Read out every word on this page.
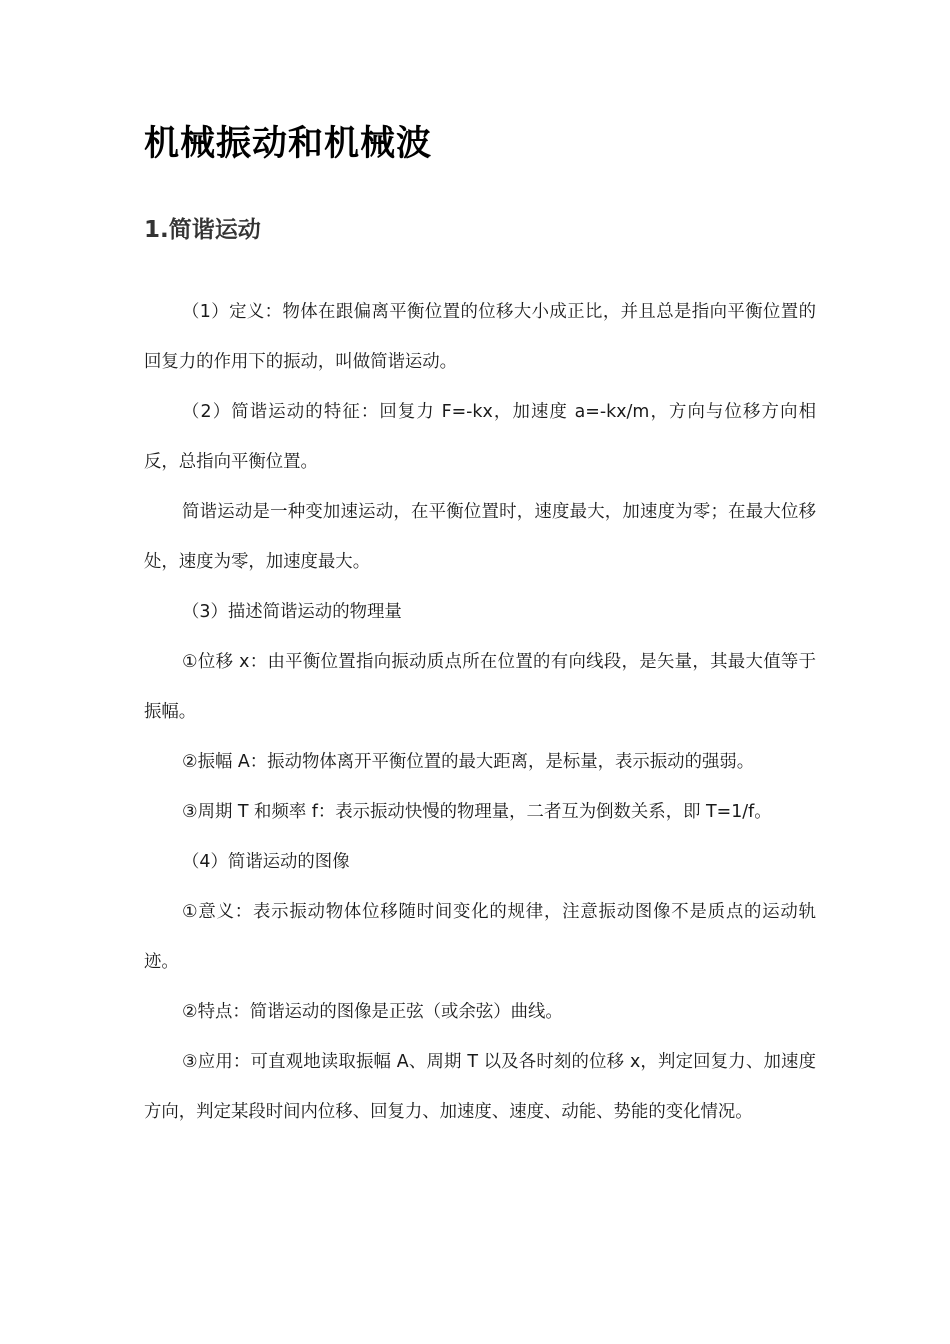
机械振动和机械波
1.简谐运动

（1）定义：物体在跟偏离平衡位置的位移大小成正比，并且总是指向平衡位置的回复力的作用下的振动，叫做简谐运动。

（2）简谐运动的特征：回复力 F=-kx，加速度 a=-kx/m，方向与位移方向相反，总指向平衡位置。

简谐运动是一种变加速运动，在平衡位置时，速度最大，加速度为零；在最大位移处，速度为零，加速度最大。

（3）描述简谐运动的物理量

①位移 x：由平衡位置指向振动质点所在位置的有向线段，是矢量，其最大值等于振幅。

②振幅 A：振动物体离开平衡位置的最大距离，是标量，表示振动的强弱。

③周期 T 和频率 f：表示振动快慢的物理量，二者互为倒数关系，即 T=1/f。

（4）简谐运动的图像

①意义：表示振动物体位移随时间变化的规律，注意振动图像不是质点的运动轨迹。

②特点：简谐运动的图像是正弦（或余弦）曲线。

③应用：可直观地读取振幅 A、周期 T 以及各时刻的位移 x，判定回复力、加速度方向，判定某段时间内位移、回复力、加速度、速度、动能、势能的变化情况。
